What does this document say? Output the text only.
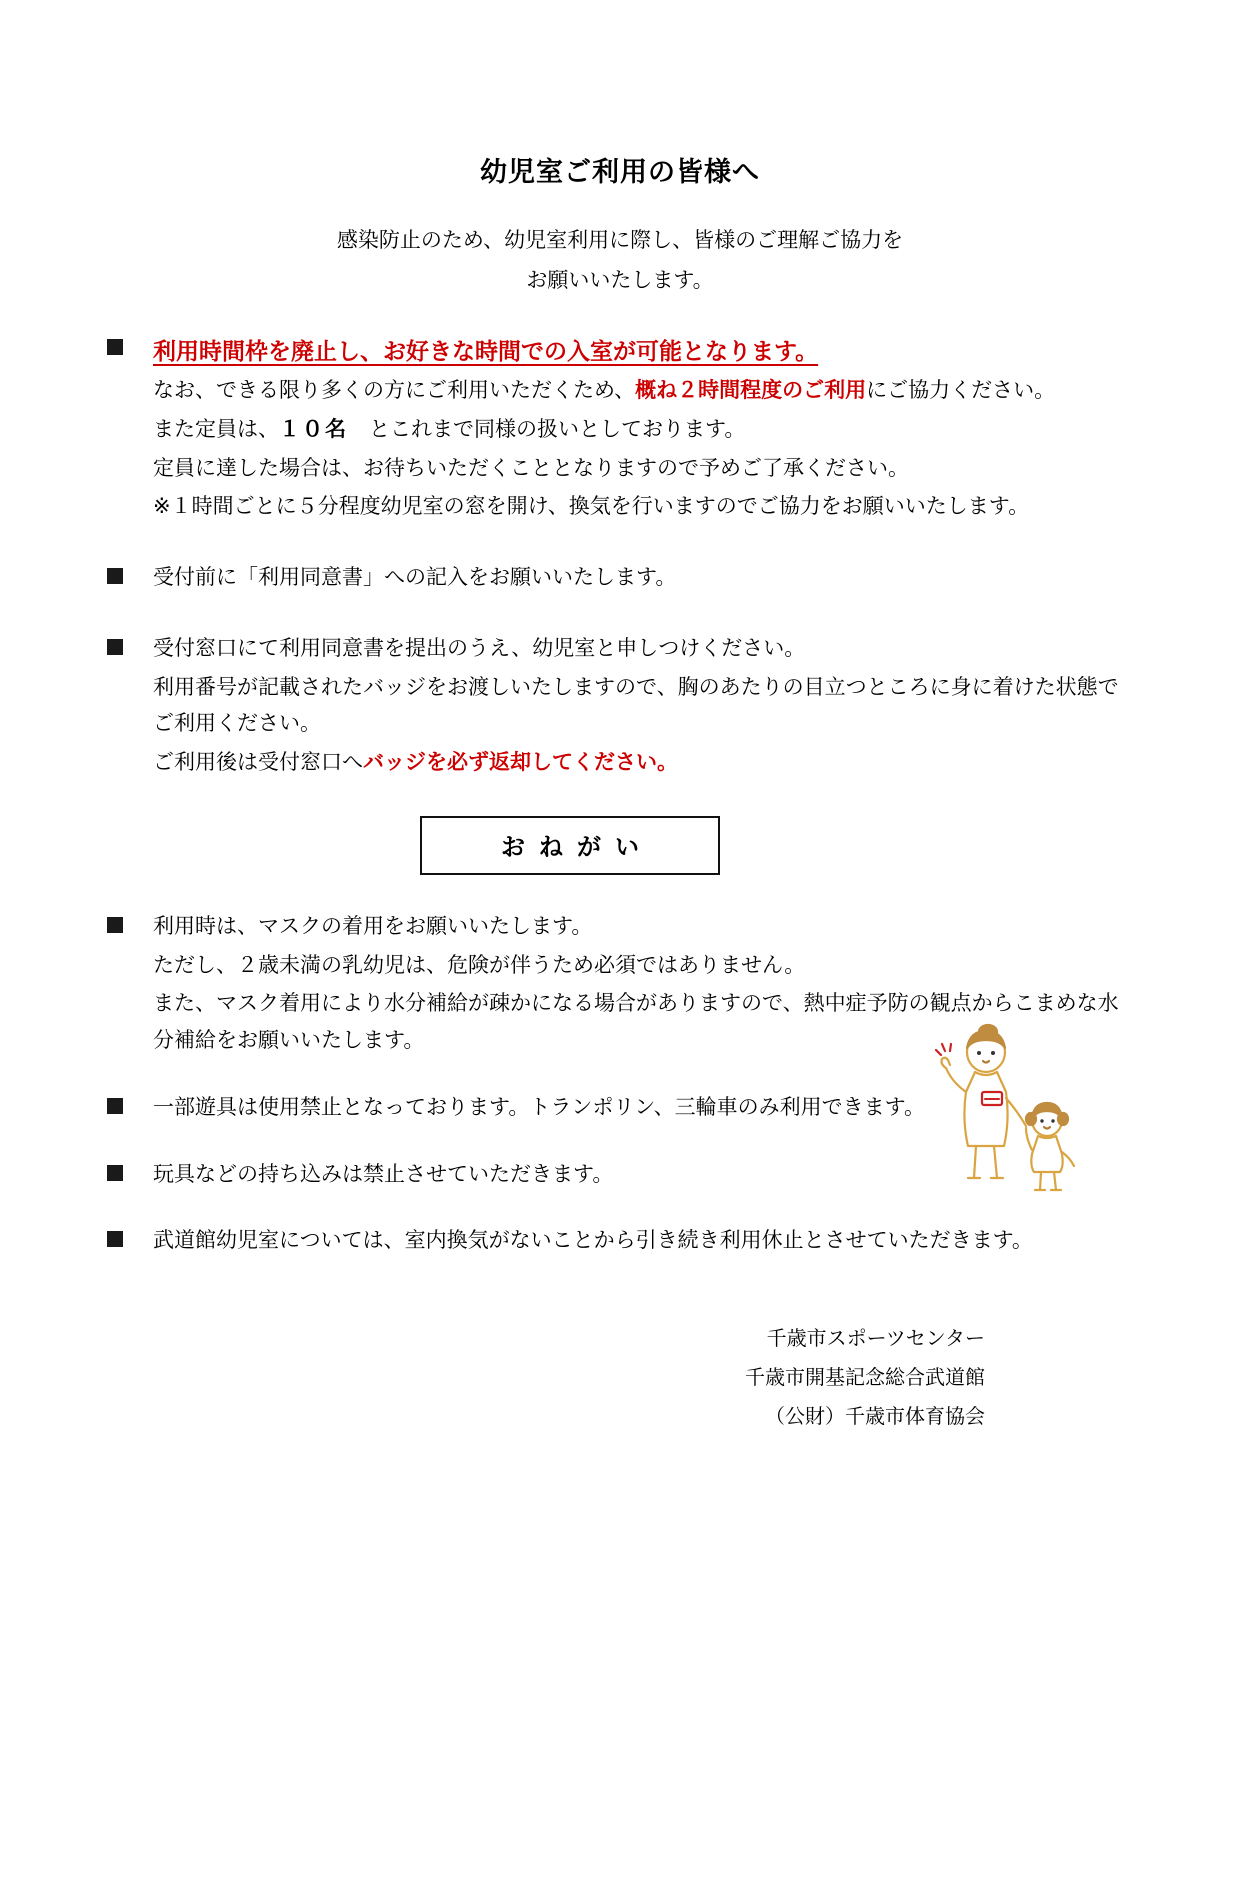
幼児室ご利用の皆様へ
感染防止のため、幼児室利用に際し、皆様のご理解ご協力を
お願いいたします。

利用時間枠を廃止し、お好きな時間での入室が可能となります。

なお、できる限り多くの方にご利用いただくため、概ね２時間程度のご利用にご協力ください。

また定員は、１０名　とこれまで同様の扱いとしております。

定員に達した場合は、お待ちいただくこととなりますので予めご了承ください。

※１時間ごとに５分程度幼児室の窓を開け、換気を行いますのでご協力をお願いいたします。

受付前に「利用同意書」への記入をお願いいたします。

受付窓口にて利用同意書を提出のうえ、幼児室と申しつけください。

利用番号が記載されたバッジをお渡しいたしますので、胸のあたりの目立つところに身に着けた状態でご利用ください。

ご利用後は受付窓口へバッジを必ず返却してください。

おねがい

利用時は、マスクの着用をお願いいたします。

ただし、２歳未満の乳幼児は、危険が伴うため必須ではありません。

また、マスク着用により水分補給が疎かになる場合がありますので、熱中症予防の観点からこまめな水分補給をお願いいたします。

一部遊具は使用禁止となっております。トランポリン、三輪車のみ利用できます。

玩具などの持ち込みは禁止させていただきます。

武道館幼児室については、室内換気がないことから引き続き利用休止とさせていただきます。

千歳市スポーツセンター
千歳市開基記念総合武道館
（公財）千歳市体育協会
